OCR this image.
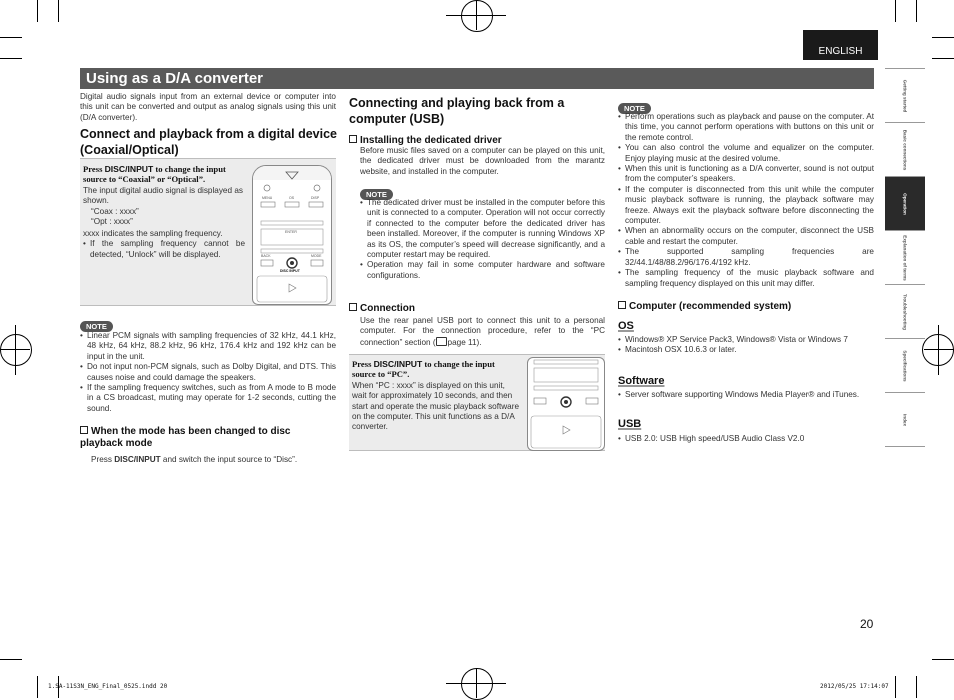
ENGLISH
Using as a D/A converter
Getting started
Basic connections
Operation
Explanation of terms
Troubleshooting
Specifications
Index
Digital audio signals input from an external device or computer into this unit can be converted and output as analog signals using this unit (D/A converter).
Connect and playback from a digital device (Coaxial/Optical)
Press DISC/INPUT to change the input source to “Coaxial” or “Optical”.
The input digital audio signal is displayed as shown.
“Coax : xxxx”
“Opt : xxxx”
xxxx indicates the sampling frequency.
• If the sampling frequency cannot be detected, “Unlock” will be displayed.
MENU	OS	DISP
ENTER
BACK
DISC INPUT
MODE
NOTE
• Linear PCM signals with sampling frequencies of 32 kHz, 44.1 kHz, 48 kHz, 64 kHz, 88.2 kHz, 96 kHz, 176.4 kHz and 192 kHz can be input in the unit.
• Do not input non-PCM signals, such as Dolby Digital, and DTS. This causes noise and could damage the speakers.
• If the sampling frequency switches, such as from A mode to B mode in a CS broadcast, muting may operate for 1-2 seconds, cutting the sound.
When the mode has been changed to disc playback mode
Press DISC/INPUT and switch the input source to “Disc”.
Connecting and playing back from a computer (USB)
Installing the dedicated driver
Before music files saved on a computer can be played on this unit, the dedicated driver must be downloaded from the marantz website, and installed in the computer.
NOTE
• The dedicated driver must be installed in the computer before this unit is connected to a computer. Operation will not occur correctly if connected to the computer before the dedicated driver has been installed. Moreover, if the computer is running Windows XP as its OS, the computer’s speed will decrease significantly, and a computer restart may be required.
• Operation may fail in some computer hardware and software configurations.
Connection
Use the rear panel USB port to connect this unit to a personal computer. For the connection procedure, refer to the “PC connection” section ( page 11).
Press DISC/INPUT to change the input source to “PC”.
When “PC : xxxx” is displayed on this unit, wait for approximately 10 seconds, and then start and operate the music playback software on the computer. This unit functions as a D/A converter.
NOTE
• Perform operations such as playback and pause on the computer. At this time, you cannot perform operations with buttons on this unit or the remote control.
• You can also control the volume and equalizer on the computer. Enjoy playing music at the desired volume.
• When this unit is functioning as a D/A converter, sound is not output from the computer’s speakers.
• If the computer is disconnected from this unit while the computer music playback software is running, the playback software may freeze. Always exit the playback software before disconnecting the computer.
• When an abnormality occurs on the computer, disconnect the USB cable and restart the computer.
• The supported sampling frequencies are 32/44.1/48/88.2/96/176.4/192 kHz.
• The sampling frequency of the music playback software and sampling frequency displayed on this unit may differ.
Computer (recommended system)
OS
• Windows® XP Service Pack3, Windows® Vista or Windows 7
• Macintosh OSX 10.6.3 or later.
Software
• Server software supporting Windows Media Player® and iTunes.
USB
• USB 2.0: USB High speed/USB Audio Class V2.0
20
1.SA-11S3N_ENG_Final_0525.indd 20	2012/05/25 17:14:07
